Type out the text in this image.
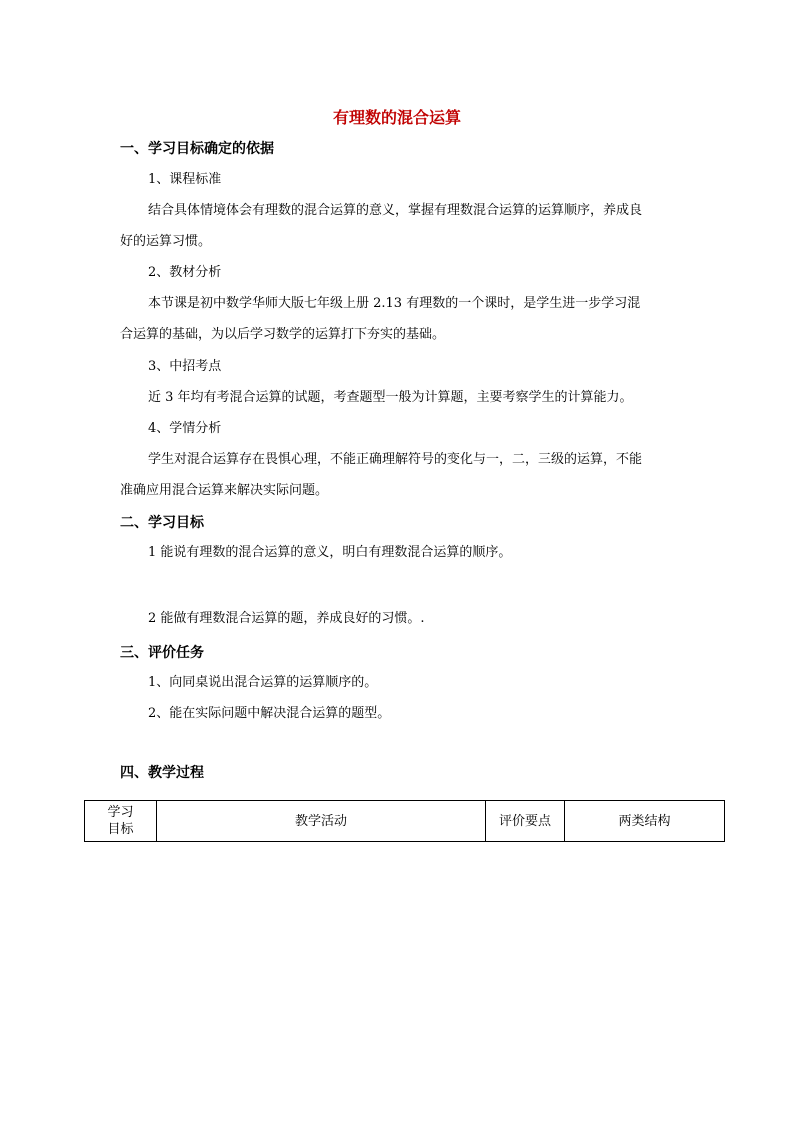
有理数的混合运算
一、学习目标确定的依据
1、课程标准
结合具体情境体会有理数的混合运算的意义，掌握有理数混合运算的运算顺序，养成良
好的运算习惯。
2、教材分析
本节课是初中数学华师大版七年级上册 2.13 有理数的一个课时，是学生进一步学习混
合运算的基础，为以后学习数学的运算打下夯实的基础。
3、中招考点
近 3 年均有考混合运算的试题，考查题型一般为计算题，主要考察学生的计算能力。
4、学情分析
学生对混合运算存在畏惧心理，不能正确理解符号的变化与一，二，三级的运算，不能
准确应用混合运算来解决实际问题。
二、学习目标
1 能说有理数的混合运算的意义，明白有理数混合运算的顺序。
2 能做有理数混合运算的题，养成良好的习惯。.
三、评价任务
1、向同桌说出混合运算的运算顺序的。
2、能在实际问题中解决混合运算的题型。
四、教学过程
学习
目标
	教学活动	评价要点	两类结构
